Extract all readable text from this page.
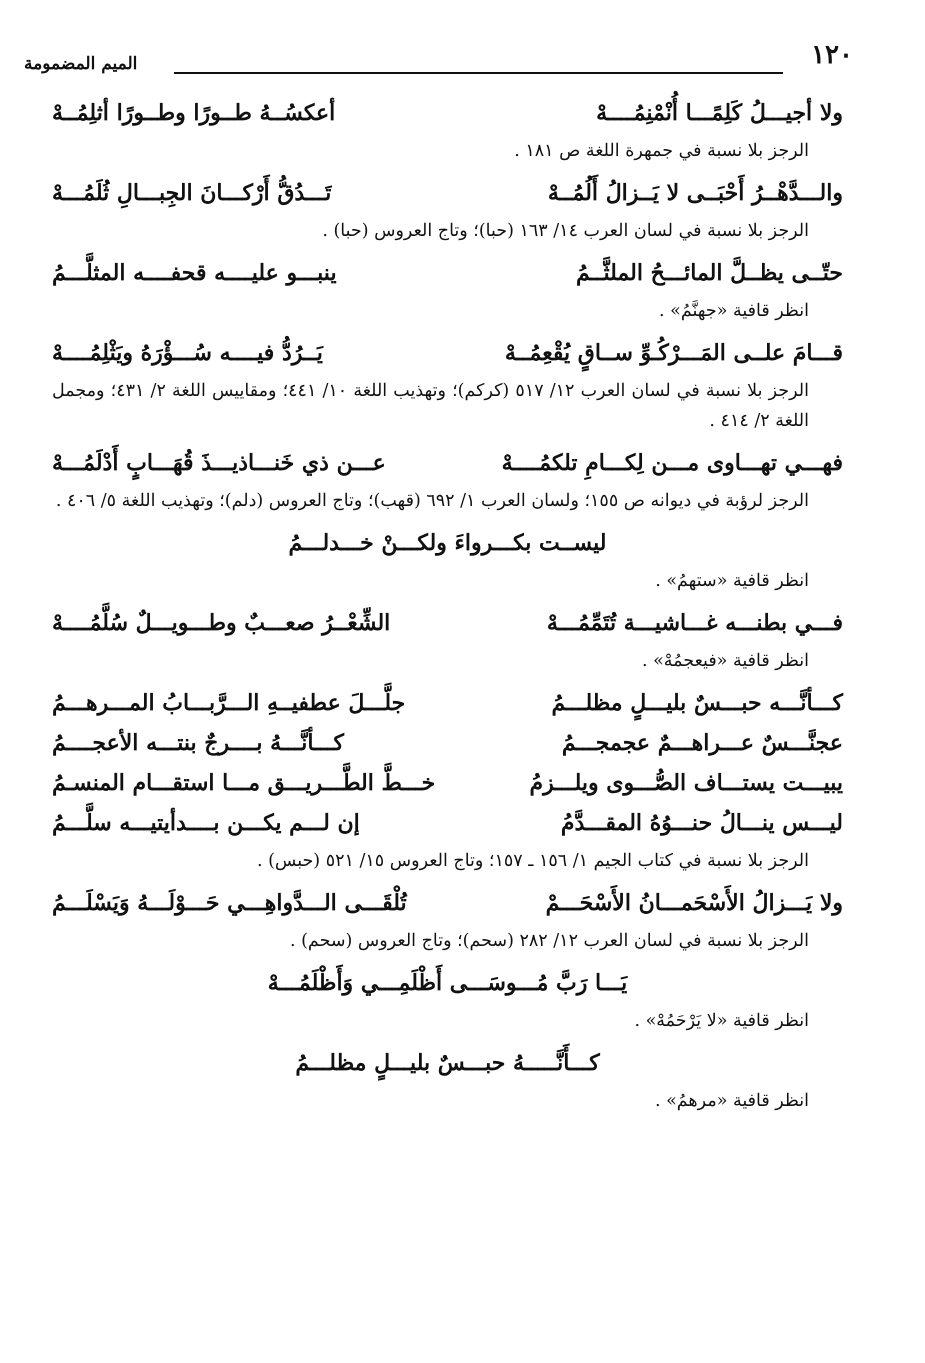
١٢٠
الميم المضمومة
ولا أجيـــلُ كَلِمًـــا أُنْمْنِمُــــهْ
أعكسُــهُ طــورًا وطــورًا أثلِمُــهْ

الرجز بلا نسبة في جمهرة اللغة ص ١٨١ .

والـــدَّهْــرُ أَحْبَــى لا يَــزالُ أَلُمُــهْ
تَـــدُقُّ أَرْكـــانَ الجِبـــالِ ثُلَمُـــهْ

الرجز بلا نسبة في لسان العرب ١٤/ ١٦٣ (حبا)؛ وتاج العروس (حبا) .

حتّــى يظــلَّ المائـــحُ الملثَّــمُ
ينبـــو عليــــه قحفــــه المثلَّـــمُ

انظر قافية «جهنَّمُ» .

قـــامَ علــى المَـــرْكُـوِّ ســاقٍ يُقْعِمُــهْ
يَــرُدُّ فيــــه سُـــؤْرَهُ ويَثْلِمُــــهْ

الرجز بلا نسبة في لسان العرب ١٢/ ٥١٧ (كركم)؛ وتهذيب اللغة ١٠/ ٤٤١؛ ومقاييس اللغة ٢/ ٤٣١؛ ومجمل اللغة ٢/ ٤١٤ .

فهـــي تهـــاوى مـــن لِكـــامِ تلكمُــــهْ
عـــن ذي خَنـــاذيـــذَ قُهَـــابٍ أَدْلَمُـــهْ

الرجز لرؤبة في ديوانه ص ١٥٥؛ ولسان العرب ١/ ٦٩٢ (قهب)؛ وتاج العروس (دلم)؛ وتهذيب اللغة ٥/ ٤٠٦ .

ليســت بكـــرواءَ ولكـــنْ خـــدلـــمُ

انظر قافية «ستهمُ» .

فـــي بطنـــه غـــاشيـــة تُتَمِّمُـــهْ
الشِّعْــرُ صعـــبٌ وطـــويـــلٌ سُلَّمُــــهْ

انظر قافية «فيعجمُهْ» .

كـــأنَّـــه حبـــسٌ بليـــلٍ مظلـــمُ
جلَّـــلَ عطفيــهِ الـــرَّبـــابُ المـــرهـــمُ
عجنَّـــسٌ عـــراهـــمٌ عجمجـــمُ
كـــأنَّـــهُ بــــرجٌ بنتـــه الأعجــــمُ
يبيـــت يستـــاف الصُّـــوى ويلـــزمُ
خـــطَّ الطَّـــريـــق مـــا استقـــام المنسـمُ
ليـــس ينـــالُ حنـــوُهُ المقـــدَّمُ
إن لـــم يكـــن بــــدأيتيـــه سلَّـــمُ

الرجز بلا نسبة في كتاب الجيم ١/ ١٥٦ ـ ١٥٧؛ وتاج العروس ١٥/ ٥٢١ (حبس) .

ولا يَـــزالُ الأَسْحَمـــانُ الأَسْحَـــمْ
تُلْقَـــى الـــدَّواهِـــي حَـــوْلَـــهُ وَيَسْلَـــمُ

الرجز بلا نسبة في لسان العرب ١٢/ ٢٨٢ (سحم)؛ وتاج العروس (سحم) .

يَـــا رَبَّ مُـــوسَـــى أَظْلَمِـــي وَأَظْلَمُـــهْ

انظر قافية «لا يَرْحَمُهْ» .

كـــأَنَّـــــهُ حبـــسٌ بليـــلٍ مظلـــمُ

انظر قافية «مرهمُ» .
